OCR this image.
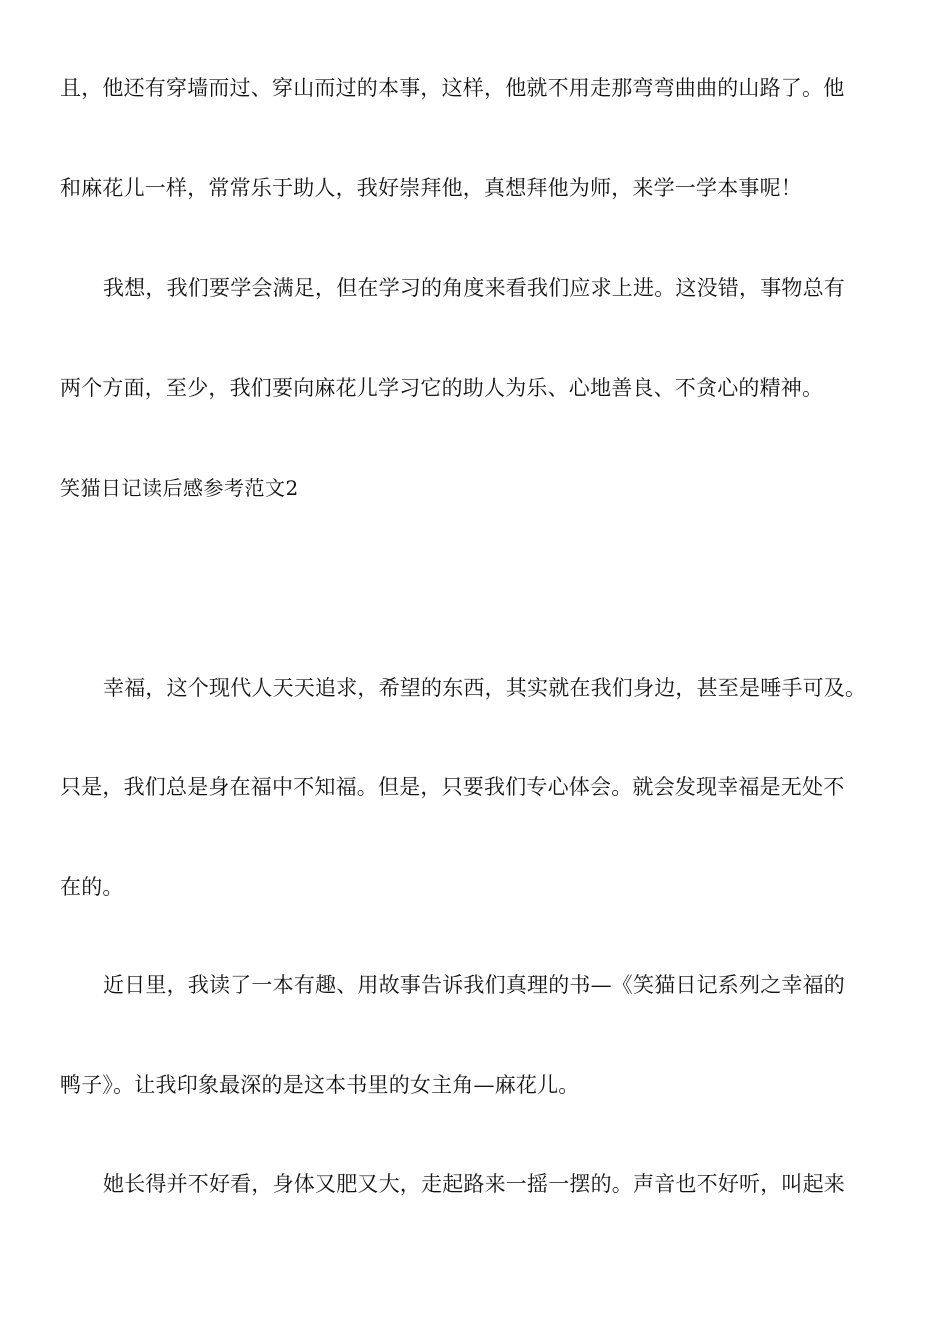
且，他还有穿墙而过、穿山而过的本事，这样，他就不用走那弯弯曲曲的山路了。他
和麻花儿一样，常常乐于助人，我好崇拜他，真想拜他为师，来学一学本事呢！
我想，我们要学会满足，但在学习的角度来看我们应求上进。这没错，事物总有
两个方面，至少，我们要向麻花儿学习它的助人为乐、心地善良、不贪心的精神。
笑猫日记读后感参考范文2
幸福，这个现代人天天追求，希望的东西，其实就在我们身边，甚至是唾手可及。
只是，我们总是身在福中不知福。但是，只要我们专心体会。就会发现幸福是无处不
在的。
近日里，我读了一本有趣、用故事告诉我们真理的书—《笑猫日记系列之幸福的
鸭子》。让我印象最深的是这本书里的女主角—麻花儿。
她长得并不好看，身体又肥又大，走起路来一摇一摆的。声音也不好听，叫起来
